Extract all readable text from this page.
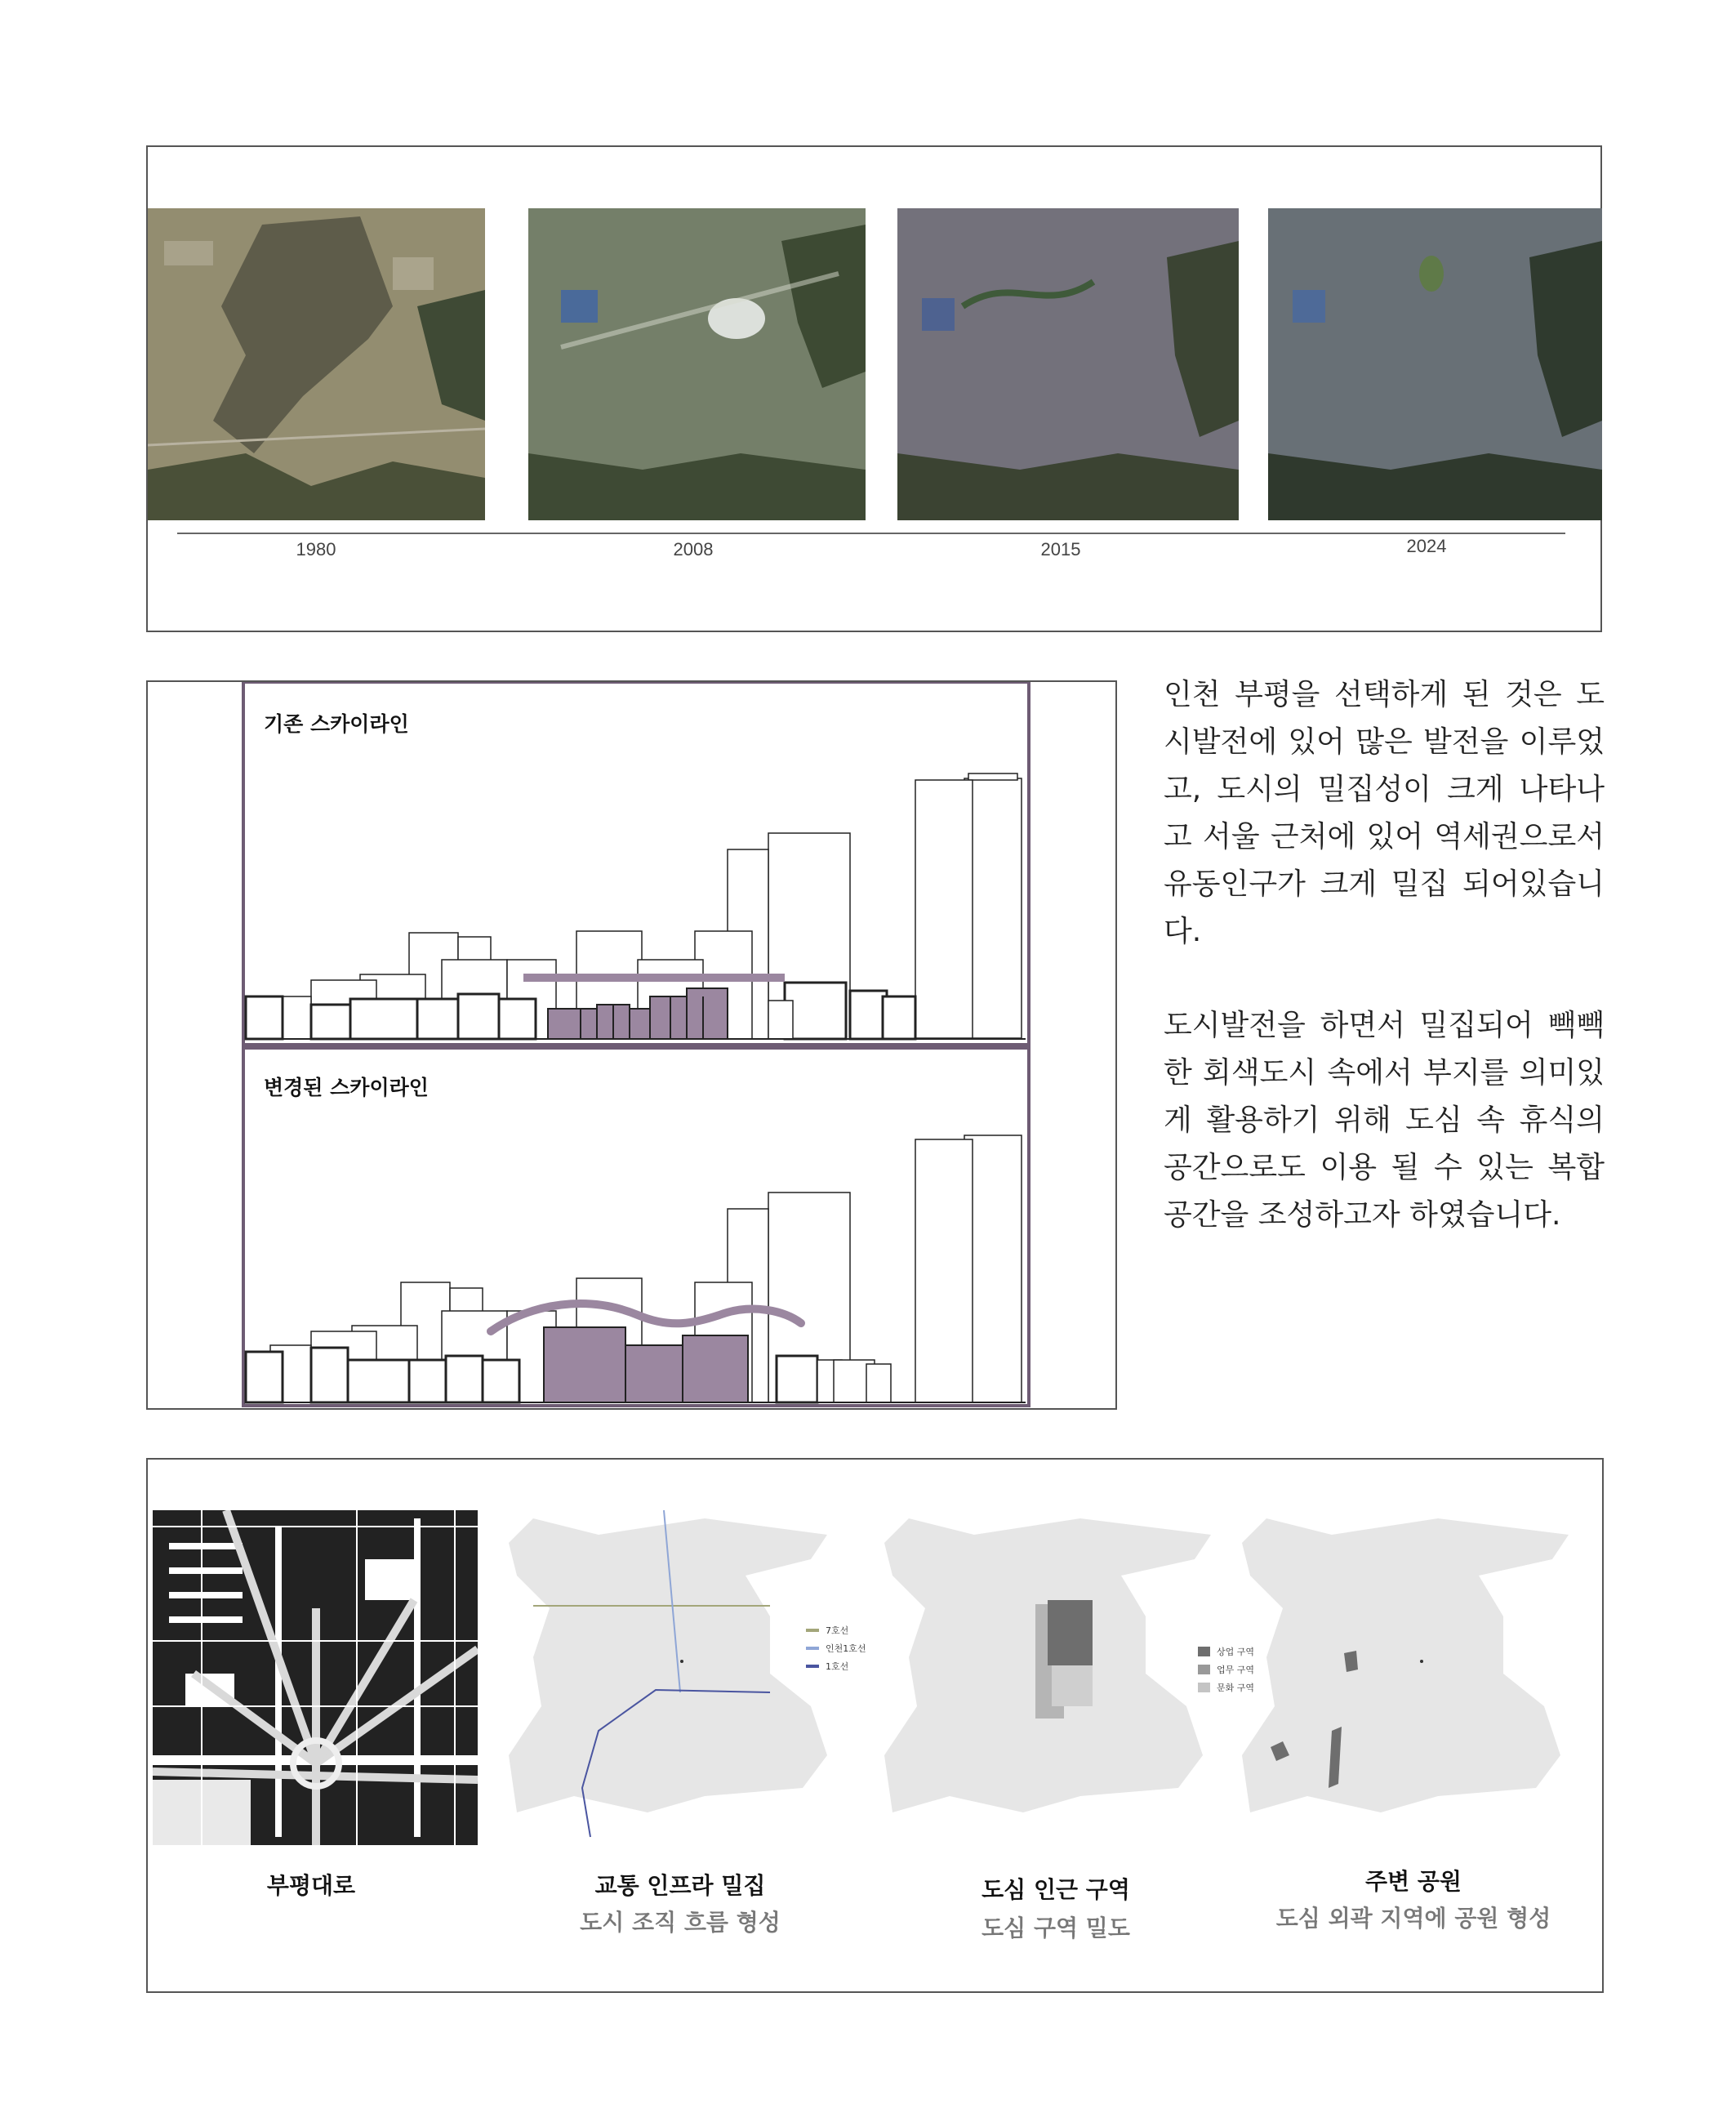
1980	2008	2015	2024
기존 스카이라인
변경된 스카이라인

인천 부평을 선택하게 된 것은 도시발전에 있어 많은 발전을 이루었고, 도시의 밀집성이 크게 나타나고 서울 근처에 있어 역세권으로서 유동인구가 크게 밀집 되어있습니다.

도시발전을 하면서 밀집되어 빽빽한 회색도시 속에서 부지를 의미있게 활용하기 위해 도심 속 휴식의 공간으로도 이용 될 수 있는 복합공간을 조성하고자 하였습니다.

7호선
인천1호선
1호선
상업 구역
업무 구역
문화 구역
부평대로	교통 인프라 밀집
도시 조직 흐름 형성
도심 인근 구역
도심 구역 밀도
주변 공원
도심 외곽 지역에 공원 형성
